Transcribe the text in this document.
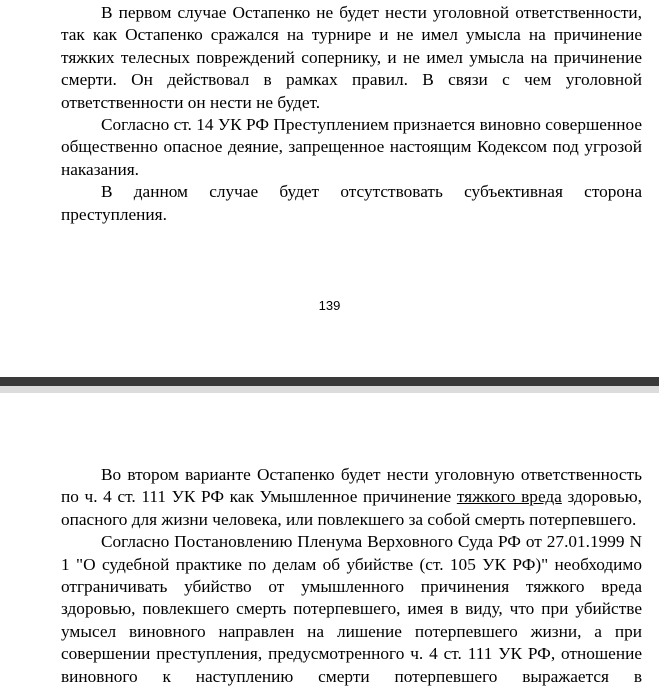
В первом случае Остапенко не будет нести уголовной ответственности,
так как Остапенко сражался на турнире и не имел умысла на причинение
тяжких телесных повреждений сопернику, и не имел умысла на причинение
смерти. Он действовал в рамках правил. В связи с чем уголовной
ответственности он нести не будет.

Согласно ст. 14 УК РФ Преступлением признается виновно совершенное
общественно опасное деяние, запрещенное настоящим Кодексом под угрозой
наказания.

В данном случае будет отсутствовать субъективная сторона
преступления.

139

Во втором варианте Остапенко будет нести уголовную ответственность
по ч. 4 ст. 111 УК РФ как Умышленное причинение тяжкого вреда здоровью,
опасного для жизни человека, или повлекшего за собой смерть потерпевшего.

Согласно Постановлению Пленума Верховного Суда РФ от 27.01.1999 N
1 "О судебной практике по делам об убийстве (ст. 105 УК РФ)" необходимо
отграничивать убийство от умышленного причинения тяжкого вреда
здоровью, повлекшего смерть потерпевшего, имея в виду, что при убийстве
умысел виновного направлен на лишение потерпевшего жизни, а при
совершении преступления, предусмотренного ч. 4 ст. 111 УК РФ, отношение
виновного к наступлению смерти потерпевшего выражается в
